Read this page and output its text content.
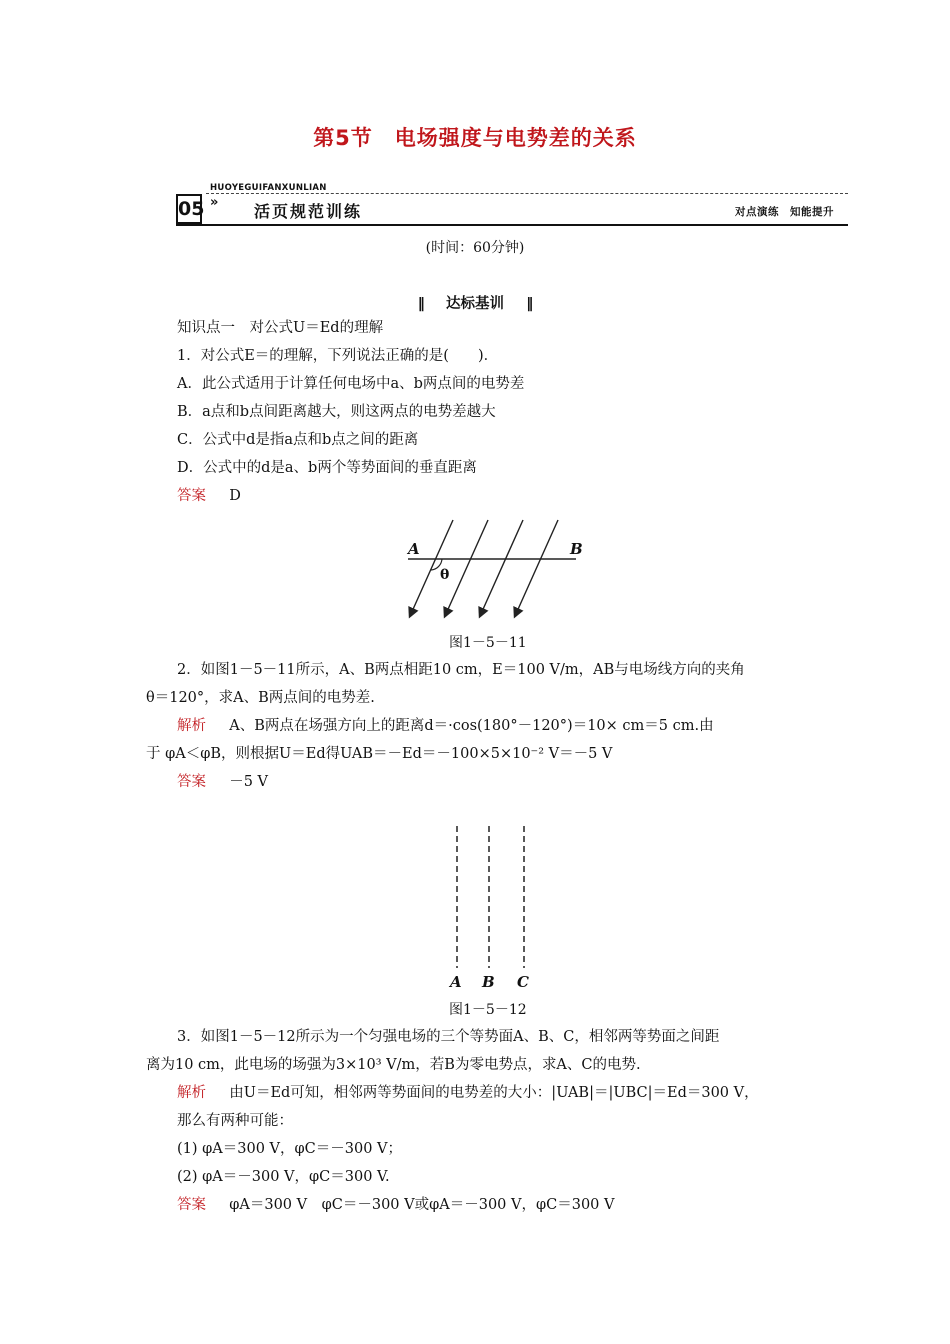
第5节　电场强度与电势差的关系
HUOYEGUIFANXUNLIAN
05 » 活页规范训练	对点演练　知能提升
(时间：60分钟)
‖ 达标基训 ‖
知识点一　对公式U＝Ed的理解
1．对公式E＝的理解，下列说法正确的是(　　)．
A．此公式适用于计算任何电场中a、b两点间的电势差
B．a点和b点间距离越大，则这两点的电势差越大
C．公式中d是指a点和b点之间的距离
D．公式中的d是a、b两个等势面间的垂直距离
答案 D
A	B
θ
图1－5－11
2．如图1－5－11所示，A、B两点相距10 cm，E＝100 V/m，AB与电场线方向的夹角
θ＝120°，求A、B两点间的电势差.
解析 A、B两点在场强方向上的距离d＝·cos(180°－120°)＝10× cm＝5 cm.由
于 φA＜φB，则根据U＝Ed得UAB＝－Ed＝－100×5×10⁻² V＝－5 V
答案 －5 V
A B C
图1－5－12
3．如图1－5－12所示为一个匀强电场的三个等势面A、B、C，相邻两等势面之间距
离为10 cm，此电场的场强为3×10³ V/m，若B为零电势点，求A、C的电势.
解析 由U＝Ed可知，相邻两等势面间的电势差的大小：|UAB|＝|UBC|＝Ed＝300 V，
那么有两种可能：
(1) φA＝300 V，φC＝－300 V；
(2) φA＝－300 V，φC＝300 V.
答案 φA＝300 V　φC＝－300 V或φA＝－300 V，φC＝300 V
